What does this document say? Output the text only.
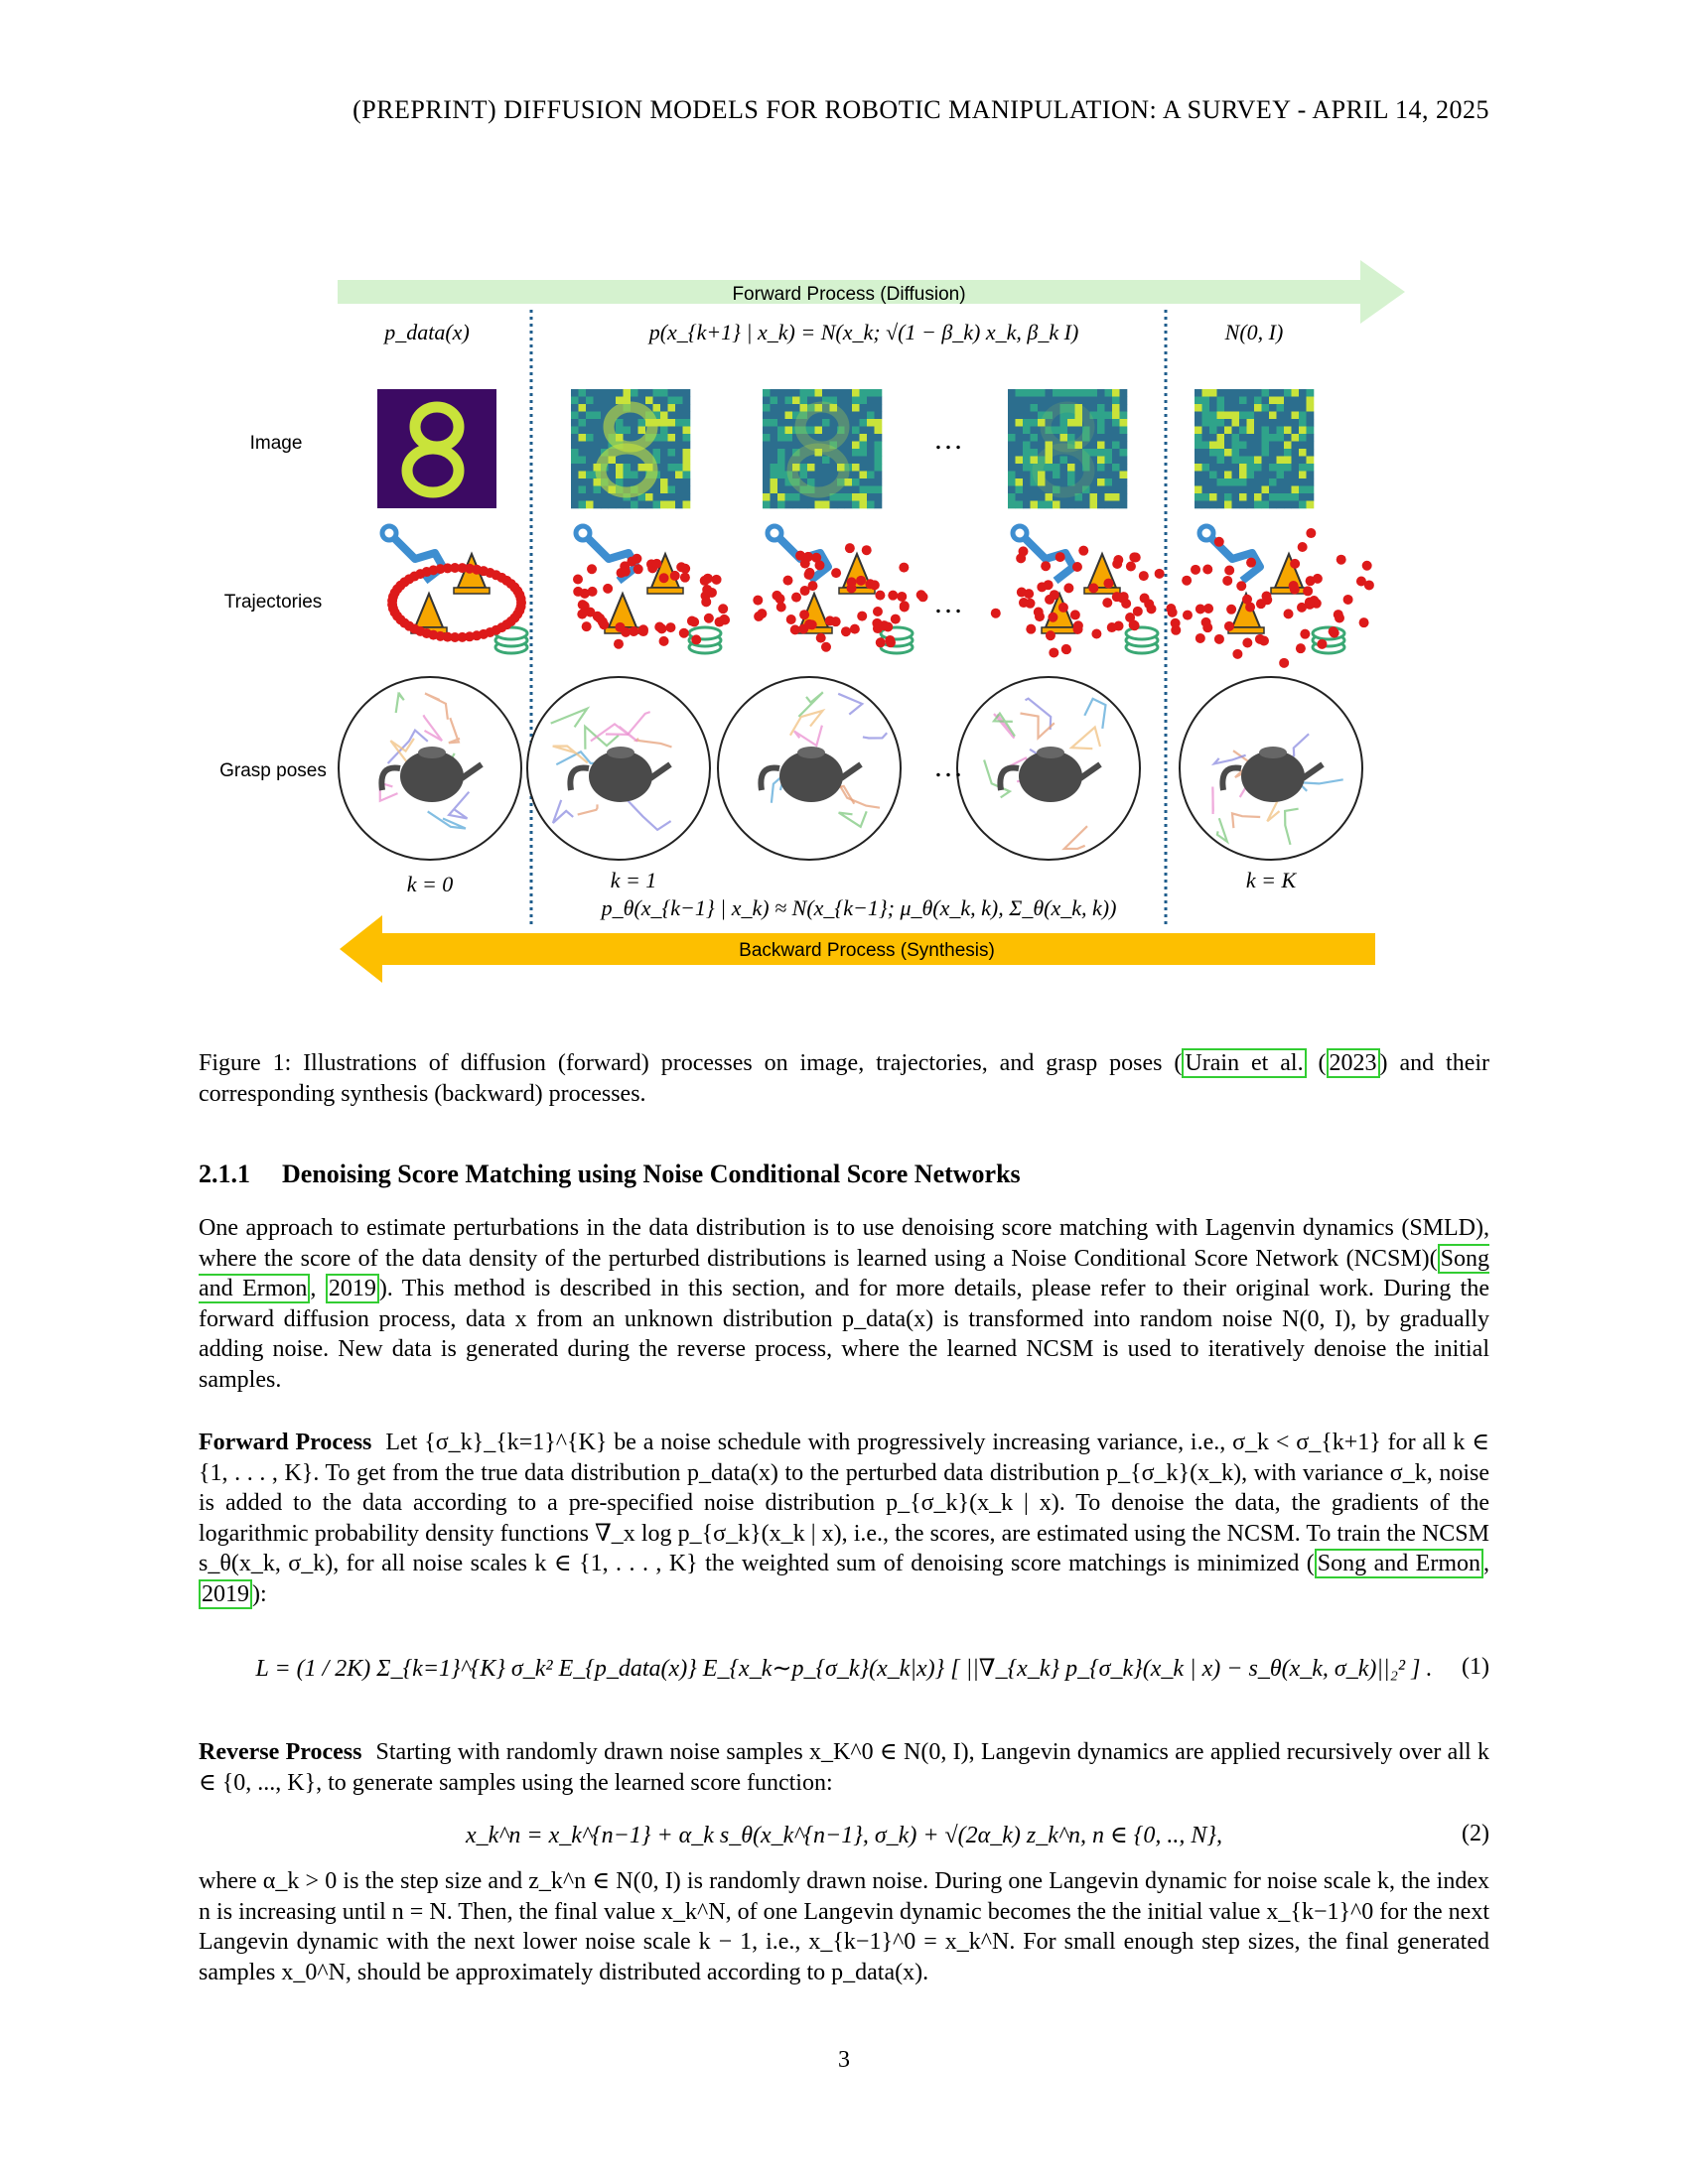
(PREPRINT) DIFFUSION MODELS FOR ROBOTIC MANIPULATION: A SURVEY - APRIL 14, 2025
Forward Process (Diffusion)
p_data(x)	p(x_{k+1} | x_k) = N(x_k; √(1 − β_k) x_k, β_k I)	N(0, I)
Image
Trajectories
Grasp poses
…
…
…
k = 0	k = 1	k = K
p_θ(x_{k−1} | x_k) ≈ N(x_{k−1}; μ_θ(x_k, k), Σ_θ(x_k, k))
Backward Process (Synthesis)
Figure 1: Illustrations of diffusion (forward) processes on image, trajectories, and grasp poses ( Urain et al. ( 2023 ) and their corresponding synthesis (backward) processes.
2.1.1 Denoising Score Matching using Noise Conditional Score Networks
One approach to estimate perturbations in the data distribution is to use denoising score matching with Lagenvin dynamics (SMLD), where the score of the data density of the perturbed distributions is learned using a Noise Conditional Score Network (NCSM)( Song and Ermon , 2019 ). This method is described in this section, and for more details, please refer to their original work. During the forward diffusion process, data x from an unknown distribution p_data(x) is transformed into random noise N(0, I), by gradually adding noise. New data is generated during the reverse process, where the learned NCSM is used to iteratively denoise the initial samples.
Forward Process Let {σ_k}_{k=1}^{K} be a noise schedule with progressively increasing variance, i.e., σ_k < σ_{k+1} for all k ∈ {1, . . . , K}. To get from the true data distribution p_data(x) to the perturbed data distribution p_{σ_k}(x_k), with variance σ_k, noise is added to the data according to a pre-specified noise distribution p_{σ_k}(x_k | x). To denoise the data, the gradients of the logarithmic probability density functions ∇_x log p_{σ_k}(x_k | x), i.e., the scores, are estimated using the NCSM. To train the NCSM s_θ(x_k, σ_k), for all noise scales k ∈ {1, . . . , K} the weighted sum of denoising score matchings is minimized ( Song and Ermon , 2019 ):
L = (1 / 2K) Σ_{k=1}^{K} σ_k² E_{p_data(x)} E_{x_k∼p_{σ_k}(x_k|x)} [ ||∇_{x_k} p_{σ_k}(x_k | x) − s_θ(x_k, σ_k)||₂² ] .	(1)
Reverse Process Starting with randomly drawn noise samples x_K^0 ∈ N(0, I), Langevin dynamics are applied recursively over all k ∈ {0, ..., K}, to generate samples using the learned score function:
x_k^n = x_k^{n−1} + α_k s_θ(x_k^{n−1}, σ_k) + √(2α_k) z_k^n, n ∈ {0, .., N},	(2)
where α_k > 0 is the step size and z_k^n ∈ N(0, I) is randomly drawn noise. During one Langevin dynamic for noise scale k, the index n is increasing until n = N. Then, the final value x_k^N, of one Langevin dynamic becomes the the initial value x_{k−1}^0 for the next Langevin dynamic with the next lower noise scale k − 1, i.e., x_{k−1}^0 = x_k^N. For small enough step sizes, the final generated samples x_0^N, should be approximately distributed according to p_data(x).
3
